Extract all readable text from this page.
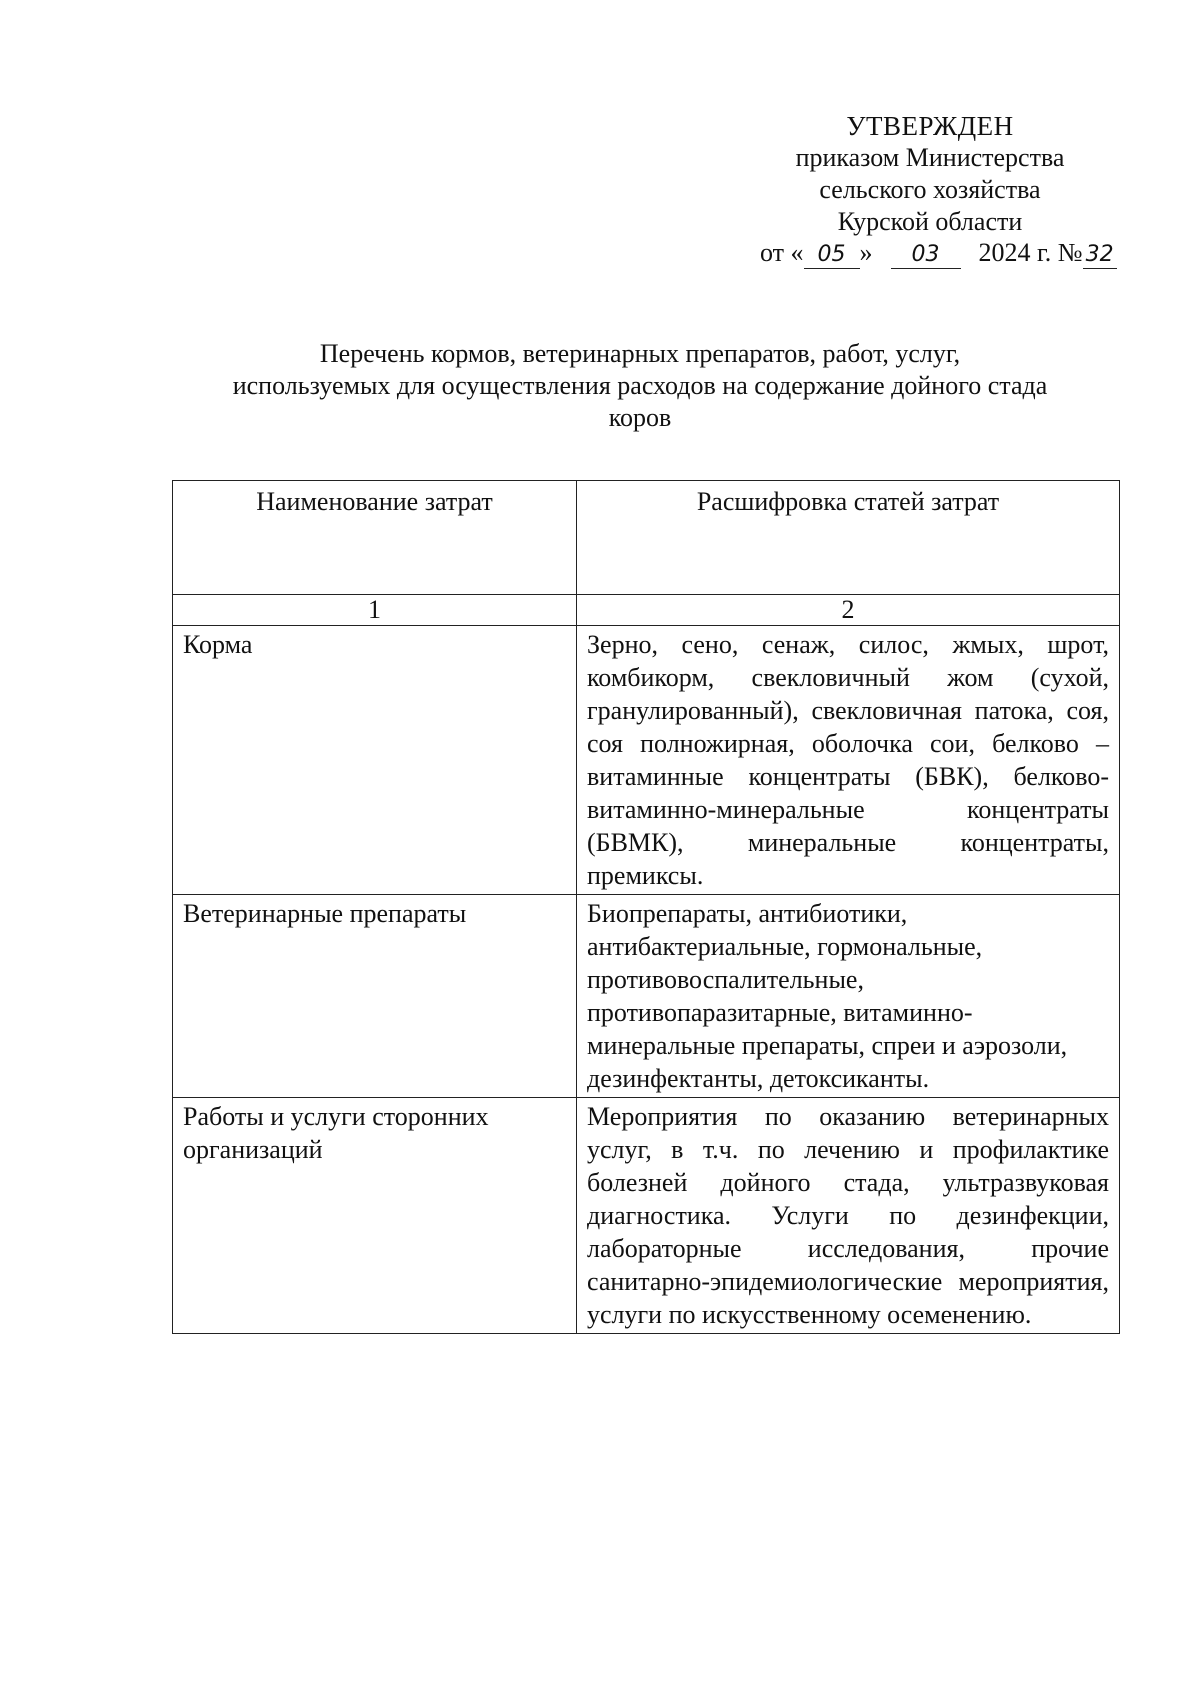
УТВЕРЖДЕН
приказом Министерства
сельского хозяйства
Курской области
от « 05 » 03 2024 г. № 32
Перечень кормов, ветеринарных препаратов, работ, услуг,
используемых для осуществления расходов на содержание дойного стада
коров
Наименование затрат	Расшифровка статей затрат
1	2
Корма	Зерно, сено, сенаж, силос, жмых, шрот, комбикорм, свекловичный жом (сухой, гранулированный), свекловичная патока, соя, соя полножирная, оболочка сои, белково – витаминные концентраты (БВК), белково-витаминно-минеральные концентраты (БВМК), минеральные концентраты, премиксы.
Ветеринарные препараты	Биопрепараты, антибиотики, антибактериальные, гормональные, противовоспалительные, противопаразитарные, витаминно-минеральные препараты, спреи и аэрозоли, дезинфектанты, детоксиканты.
Работы и услуги сторонних организаций	Мероприятия по оказанию ветеринарных услуг, в т.ч. по лечению и профилактике болезней дойного стада, ультразвуковая диагностика. Услуги по дезинфекции, лабораторные исследования, прочие санитарно-эпидемиологические мероприятия, услуги по искусственному осеменению.
